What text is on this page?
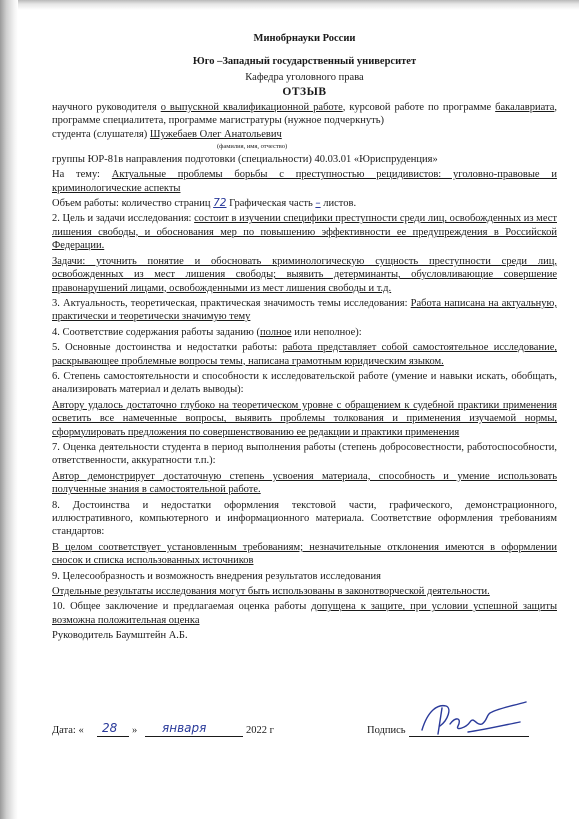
Минобрнауки России
Юго –Западный государственный университет
Кафедра уголовного права
ОТЗЫВ

научного руководителя о выпускной квалификационной работе, курсовой работе по программе бакалавриата, программе специалитета, программе магистратуры (нужное подчеркнуть)

студента (слушателя) Шужебаев Олег Анатольевич

(фамилия, имя, отчество)

группы ЮР-81в направления подготовки (специальности) 40.03.01 «Юриспруденция»

На тему: Актуальные проблемы борьбы с преступностью рецидивистов: уголовно-правовые и криминологические аспекты

Объем работы: количество страниц 72 Графическая часть – листов.

2. Цель и задачи исследования: состоит в изучении специфики преступности среди лиц, освобожденных из мест лишения свободы, и обоснования мер по повышению эффективности ее предупреждения в Российской Федерации.

Задачи: уточнить понятие и обосновать криминологическую сущность преступности среди лиц, освобожденных из мест лишения свободы; выявить детерминанты, обусловливающие совершение правонарушений лицами, освобожденными из мест лишения свободы и т.д.

3. Актуальность, теоретическая, практическая значимость темы исследования: Работа написана на актуальную, практически и теоретически значимую тему

4. Соответствие содержания работы заданию (полное или неполное):

5. Основные достоинства и недостатки работы: работа представляет собой самостоятельное исследование, раскрывающее проблемные вопросы темы, написана грамотным юридическим языком.

6. Степень самостоятельности и способности к исследовательской работе (умение и навыки искать, обобщать, анализировать материал и делать выводы):

Автору удалось достаточно глубоко на теоретическом уровне с обращением к судебной практики применения осветить все намеченные вопросы, выявить проблемы толкования и применения изучаемой нормы, сформулировать предложения по совершенствованию ее редакции и практики применения

7. Оценка деятельности студента в период выполнения работы (степень добросовестности, работоспособности, ответственности, аккуратности т.п.):

Автор демонстрирует достаточную степень усвоения материала, способность и умение использовать полученные знания в самостоятельной работе.

8. Достоинства и недостатки оформления текстовой части, графического, демонстрационного, иллюстративного, компьютерного и информационного материала. Соответствие оформления требованиям стандартов:

В целом соответствует установленным требованиям; незначительные отклонения имеются в оформлении сносок и списка использованных источников

9. Целесообразность и возможность внедрения результатов исследования

Отдельные результаты исследования могут быть использованы в законотворческой деятельности.

10. Общее заключение и предлагаемая оценка работы допущена к защите, при условии успешной защиты возможна положительная оценка

Руководитель Баумштейн А.Б.

Дата: « 28 » января	2022 г	Подпись
